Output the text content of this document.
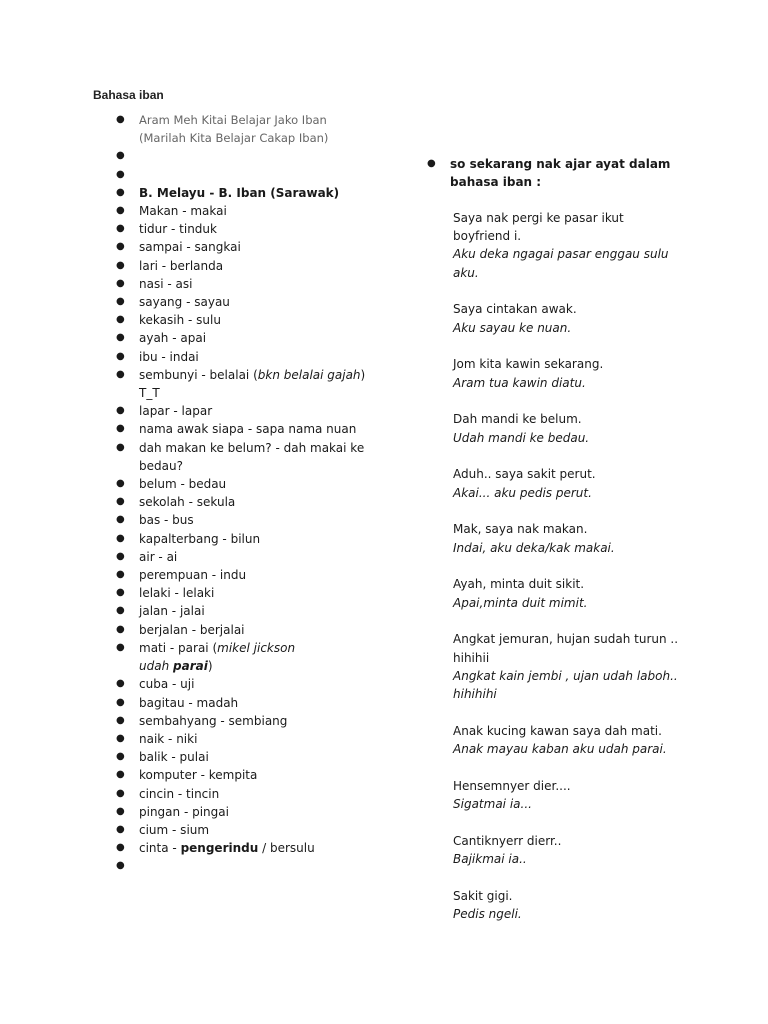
Bahasa iban
● Aram Meh Kitai Belajar Jako Iban
(Marilah Kita Belajar Cakap Iban)
●

●

● B. Melayu - B. Iban (Sarawak)
● Makan - makai
● tidur - tinduk
● sampai - sangkai
● lari - berlanda
● nasi - asi
● sayang - sayau
● kekasih - sulu
● ayah - apai
● ibu - indai
● sembunyi - belalai (bkn belalai gajah)
T_T
● lapar - lapar
● nama awak siapa - sapa nama nuan
● dah makan ke belum? - dah makai ke
bedau?
● belum - bedau
● sekolah - sekula
● bas - bus
● kapalterbang - bilun
● air - ai
● perempuan - indu
● lelaki - lelaki
● jalan - jalai
● berjalan - berjalai
● mati - parai (mikel jickson
udah parai)
● cuba - uji
● bagitau - madah
● sembahyang - sembiang
● naik - niki
● balik - pulai
● komputer - kempita
● cincin - tincin
● pingan - pingai
● cium - sium
● cinta - pengerindu / bersulu
●

● so sekarang nak ajar ayat dalam
bahasa iban :

Saya nak pergi ke pasar ikut
boyfriend i.
Aku deka ngagai pasar enggau sulu
aku.

Saya cintakan awak.
Aku sayau ke nuan.

Jom kita kawin sekarang.
Aram tua kawin diatu.

Dah mandi ke belum.
Udah mandi ke bedau.

Aduh.. saya sakit perut.
Akai... aku pedis perut.

Mak, saya nak makan.
Indai, aku deka/kak makai.

Ayah, minta duit sikit.
Apai,minta duit mimit.

Angkat jemuran, hujan sudah turun ..
hihihii
Angkat kain jembi , ujan udah laboh..
hihihihi

Anak kucing kawan saya dah mati.
Anak mayau kaban aku udah parai.

Hensemnyer dier....
Sigatmai ia...

Cantiknyerr dierr..
Bajikmai ia..

Sakit gigi.
Pedis ngeli.
